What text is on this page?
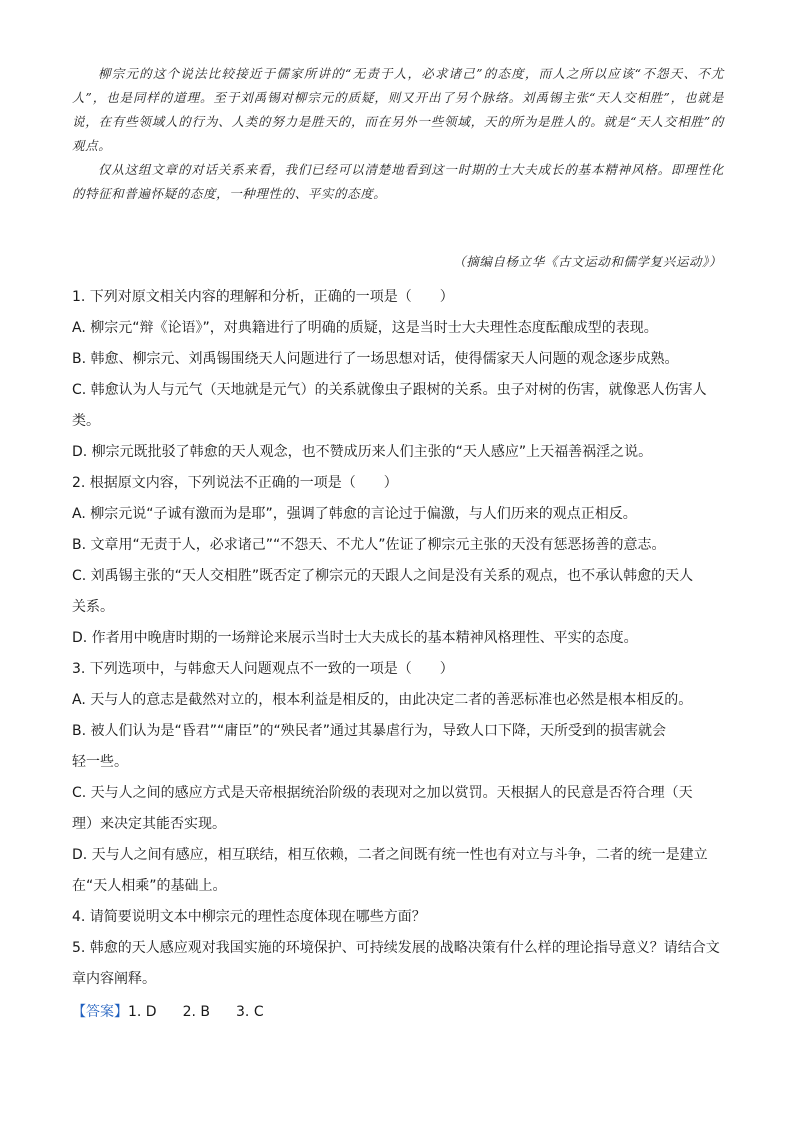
柳宗元的这个说法比较接近于儒家所讲的“无责于人，必求诸己”的态度，而人之所以应该“不怨天、不尤人”，也是同样的道理。至于刘禹锡对柳宗元的质疑，则又开出了另个脉络。刘禹锡主张“天人交相胜”，也就是说，在有些领域人的行为、人类的努力是胜天的，而在另外一些领域，天的所为是胜人的。就是“天人交相胜”的观点。

仅从这组文章的对话关系来看，我们已经可以清楚地看到这一时期的士大夫成长的基本精神风格。即理性化的特征和普遍怀疑的态度，一种理性的、平实的态度。

（摘编自杨立华《古文运动和儒学复兴运动》）

1. 下列对原文相关内容的理解和分析，正确的一项是（　　）

A. 柳宗元“辩《论语》”，对典籍进行了明确的质疑，这是当时士大夫理性态度酝酿成型的表现。

B. 韩愈、柳宗元、刘禹锡围绕天人问题进行了一场思想对话，使得儒家天人问题的观念逐步成熟。

C. 韩愈认为人与元气（天地就是元气）的关系就像虫子跟树的关系。虫子对树的伤害，就像恶人伤害人

类。

D. 柳宗元既批驳了韩愈的天人观念，也不赞成历来人们主张的“天人感应”上天福善祸淫之说。

2. 根据原文内容，下列说法不正确的一项是（　　）

A. 柳宗元说“子诚有激而为是耶”，强调了韩愈的言论过于偏激，与人们历来的观点正相反。

B. 文章用“无责于人，必求诸己”“不怨天、不尤人”佐证了柳宗元主张的天没有惩恶扬善的意志。

C. 刘禹锡主张的“天人交相胜”既否定了柳宗元的天跟人之间是没有关系的观点，也不承认韩愈的天人

关系。

D. 作者用中晚唐时期的一场辩论来展示当时士大夫成长的基本精神风格理性、平实的态度。

3. 下列选项中，与韩愈天人问题观点不一致的一项是（　　）

A. 天与人的意志是截然对立的，根本利益是相反的，由此决定二者的善恶标准也必然是根本相反的。

B. 被人们认为是“昏君”“庸臣”的“殃民者”通过其暴虐行为，导致人口下降，天所受到的损害就会

轻一些。

C. 天与人之间的感应方式是天帝根据统治阶级的表现对之加以赏罚。天根据人的民意是否符合理（天

理）来决定其能否实现。

D. 天与人之间有感应，相互联结，相互依赖，二者之间既有统一性也有对立与斗争，二者的统一是建立

在“天人相乘”的基础上。

4. 请简要说明文本中柳宗元的理性态度体现在哪些方面？

5. 韩愈的天人感应观对我国实施的环境保护、可持续发展的战略决策有什么样的理论指导意义？请结合文

章内容阐释。

【答案】1. D 2. B 3. C
